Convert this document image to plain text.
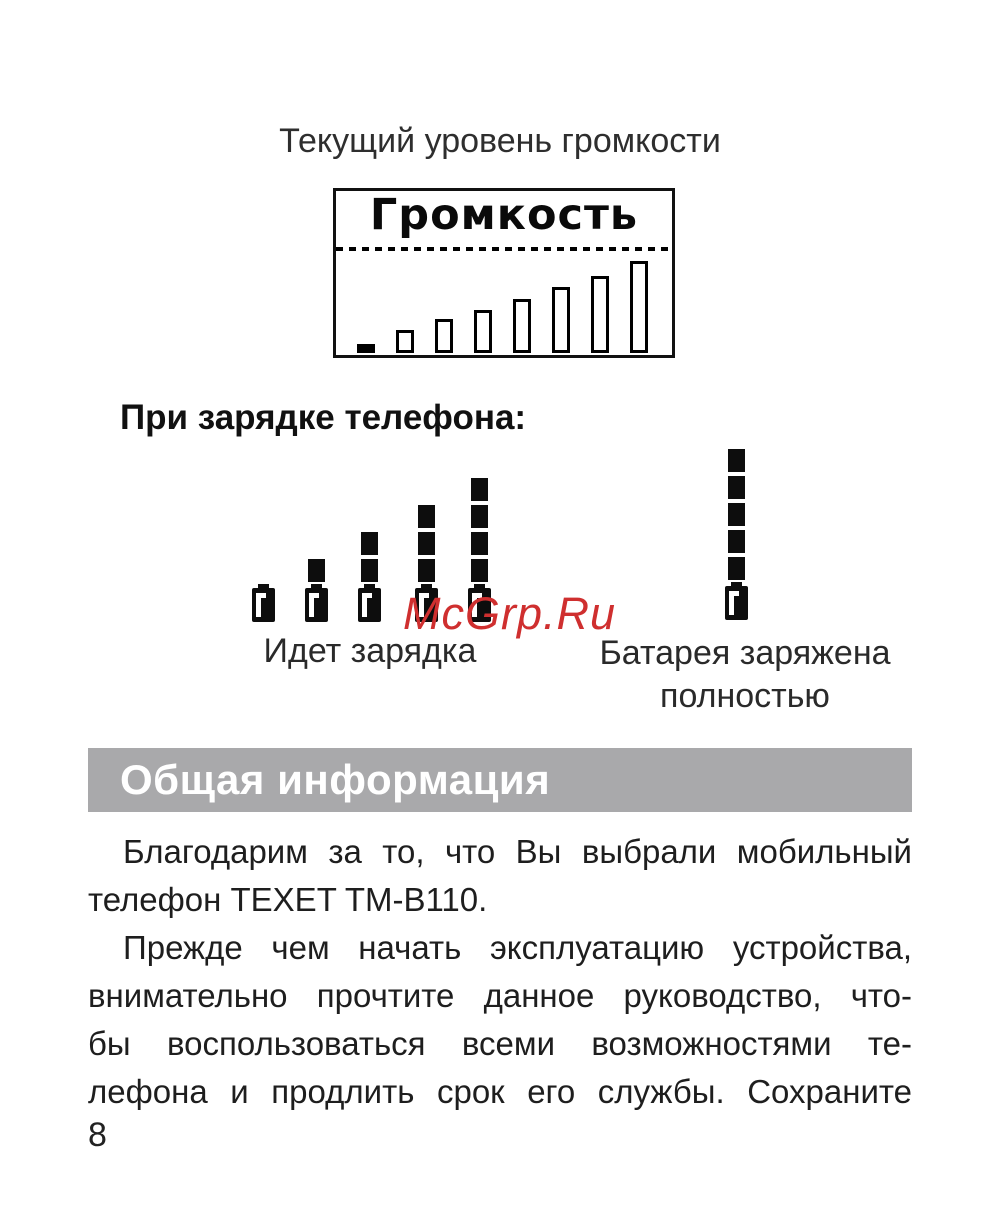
Текущий уровень громкости
Громкость
При зарядке телефона:
McGrp.Ru
Идет зарядка	Батарея заряжена
полностью
Общая информация
Благодарим за то, что Вы выбрали мобильный
телефон TEXET TM-B110.
Прежде чем начать эксплуатацию устройства,
внимательно прочтите данное руководство, что-
бы воспользоваться всеми возможностями те-
лефона и продлить срок его службы. Сохраните
8
